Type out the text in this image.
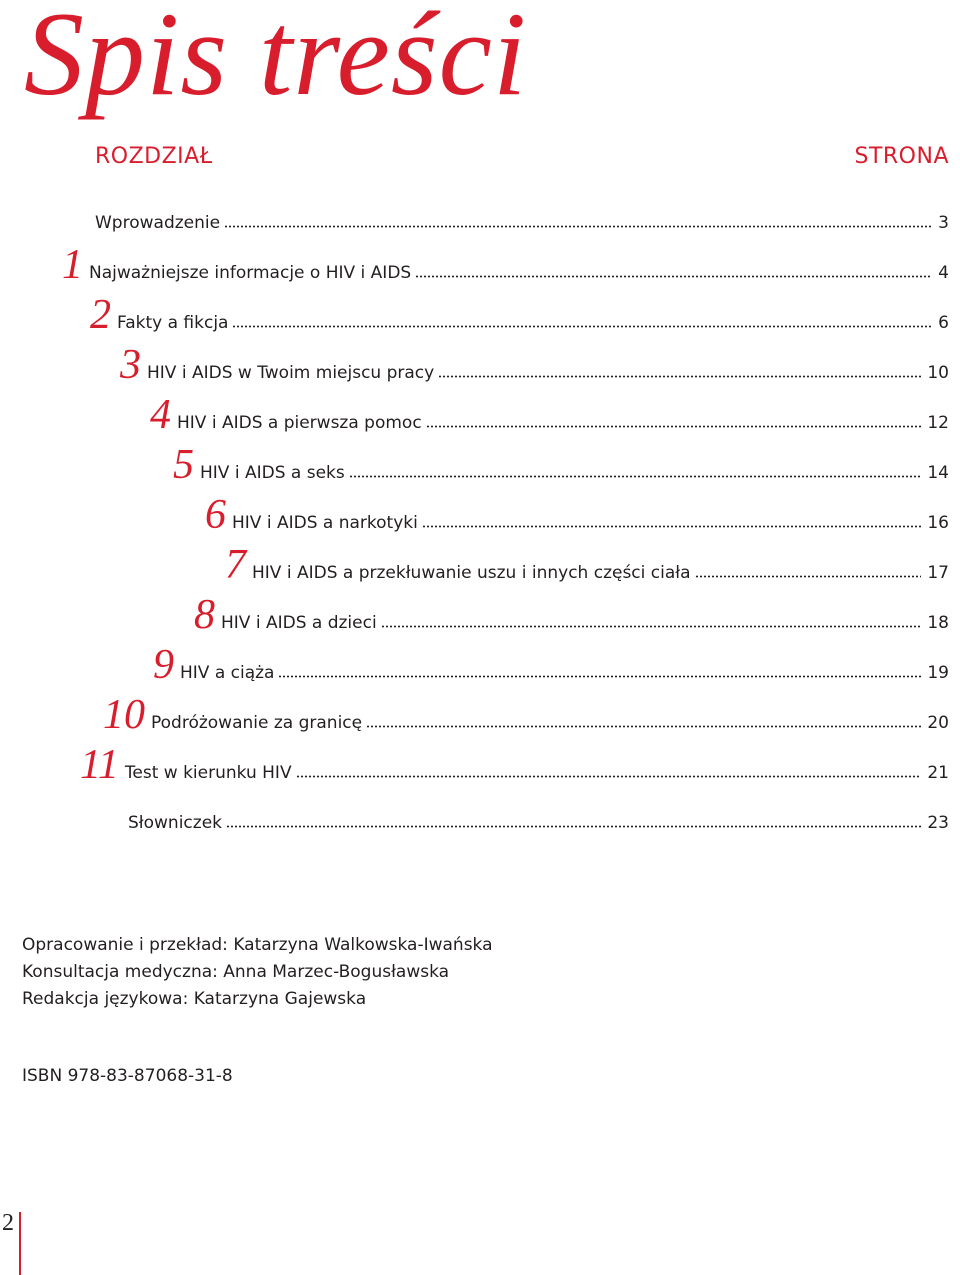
Spis treści
ROZDZIAŁ	STRONA
Wprowadzenie	3
1 Najważniejsze informacje o HIV i AIDS	4
2 Fakty a fikcja	6
3 HIV i AIDS w Twoim miejscu pracy	10
4 HIV i AIDS a pierwsza pomoc	12
5 HIV i AIDS a seks	14
6 HIV i AIDS a narkotyki	16
7 HIV i AIDS a przekłuwanie uszu i innych części ciała	17
8 HIV i AIDS a dzieci	18
9 HIV a ciąża	19
10 Podróżowanie za granicę	20
11 Test w kierunku HIV	21
Słowniczek	23
Opracowanie i przekład: Katarzyna Walkowska-Iwańska
Konsultacja medyczna: Anna Marzec-Bogusławska
Redakcja językowa: Katarzyna Gajewska
ISBN 978-83-87068-31-8
2
